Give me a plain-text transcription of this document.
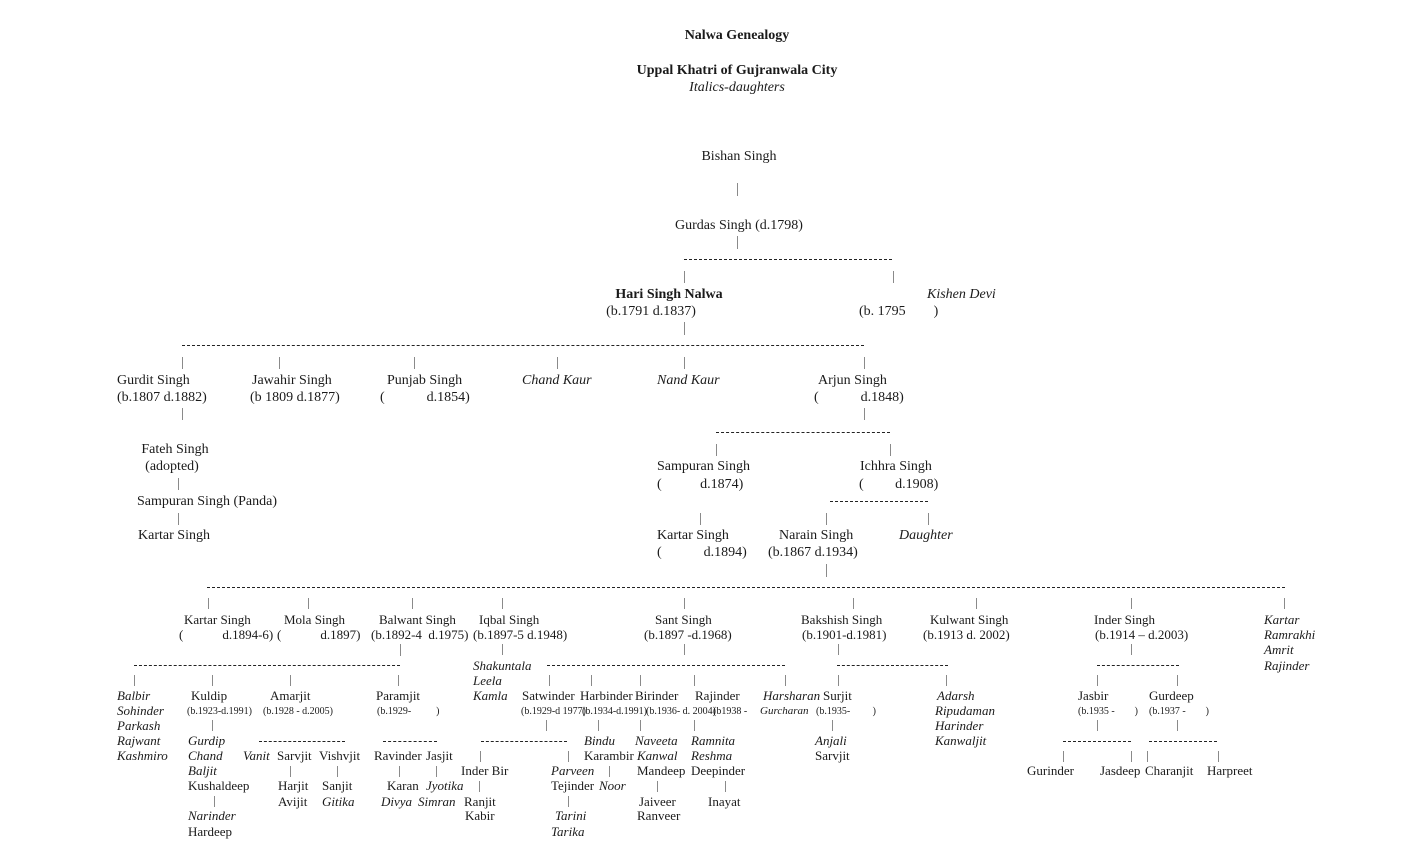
Nalwa Genealogy
Uppal Khatri of Gujranwala City
Italics-daughters
Bishan Singh
Gurdas Singh (d.1798)
Hari Singh Nalwa
(b.1791 d.1837)
Kishen Devi
(b. 1795        )
Gurdit Singh
(b.1807 d.1882)
Jawahir Singh
(b 1809 d.1877)
Punjab Singh
(            d.1854)
Chand Kaur	Nand Kaur	Arjun Singh
(            d.1848)
Fateh Singh
(adopted)
Sampuran Singh (Panda)
Kartar Singh
Sampuran Singh
(           d.1874)
Ichhra Singh
(         d.1908)
Kartar Singh
(            d.1894)
Narain Singh
(b.1867 d.1934)
Daughter
Kartar Singh
(            d.1894-6)
Mola Singh
(            d.1897)
Balwant Singh
(b.1892-4  d.1975)
Iqbal Singh
(b.1897-5 d.1948)
Sant Singh
(b.1897 -d.1968)
Bakshish Singh
(b.1901-d.1981)
Kulwant Singh
(b.1913 d. 2002)
Inder Singh
(b.1914 – d.2003)
Kartar
Ramrakhi
Amrit
Rajinder
Balbir
Sohinder
Parkash
Rajwant
Kashmiro
Kuldip
(b.1923-d.1991)
Gurdip
Chand
Baljit
Kushaldeep
Narinder
Hardeep
Amarjit
(b.1928 - d.2005)
Vanit Sarvjit Vishvjit
Harjit
Avijit
Sanjit
Gitika
Paramjit
(b.1929-          )
Ravinder Jasjit
Karan
Divya
Jyotika
Simran
Shakuntala
Leela
Kamla Satwinder
(b.1929-d 1977)
Harbinder
(b.1934-d.1991)
Birinder
(b.1936- d. 2004)
Rajinder
(b1938 -
Inder Bir
Ranjit
Kabir
Bindu
Karambir
Parveen
Tejinder Noor
Tarini
Tarika
Naveeta
Kanwal
Mandeep
Jaiveer
Ranveer
Ramnita
Reshma
Deepinder
Inayat
Harsharan
Gurcharan
Surjit
(b.1935-         )
Anjali
Sarvjit
Adarsh
Ripudaman
Harinder
Kanwaljit
Jasbir
(b.1935 -        )
Gurdeep
(b.1937 -        )
Gurinder Jasdeep Charanjit Harpreet
